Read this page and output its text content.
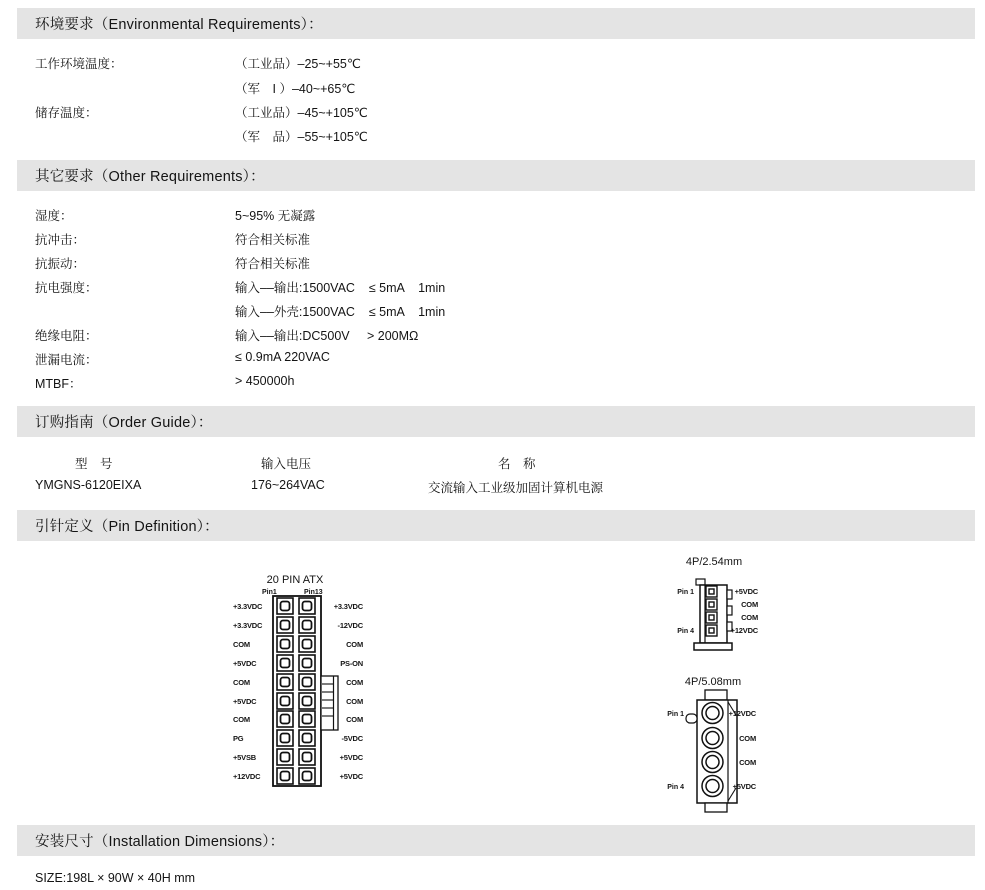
环境要求（Environmental Requirements）：
工作环境温度：	（工业品）–25~+55℃
（军　I ）–40~+65℃
储存温度：	（工业品）–45~+105℃
（军　品）–55~+105℃
其它要求（Other Requirements）：
湿度：	5~95% 无凝露
抗冲击：	符合相关标准
抗振动：	符合相关标准
抗电强度：	输入––输出:1500VAC    ≤ 5mA    1min
输入––外壳:1500VAC    ≤ 5mA    1min
绝缘电阻：	输入––输出:DC500V     > 200MΩ
泄漏电流：	≤ 0.9mA 220VAC
MTBF：	> 450000h
订购指南（Order Guide）：
型　号	输入电压	名　称
YMGNS-6120EIXA	176~264VAC	交流输入工业级加固计算机电源
引针定义（Pin Definition）：
20 PIN ATX
Pin1	Pin13
+3.3VDC
+3.3VDC
COM
+5VDC
COM
+5VDC
COM
PG
+5VSB
+12VDC
+3.3VDC
-12VDC
COM
PS-ON
COM
COM
COM
-5VDC
+5VDC
+5VDC
4P/2.54mm
Pin 1
Pin 4
+5VDC
COM
COM
+12VDC
4P/5.08mm
Pin 1
Pin 4
+12VDC
COM
COM
+5VDC
安装尺寸（Installation Dimensions）：
SIZE:198L × 90W × 40H mm
